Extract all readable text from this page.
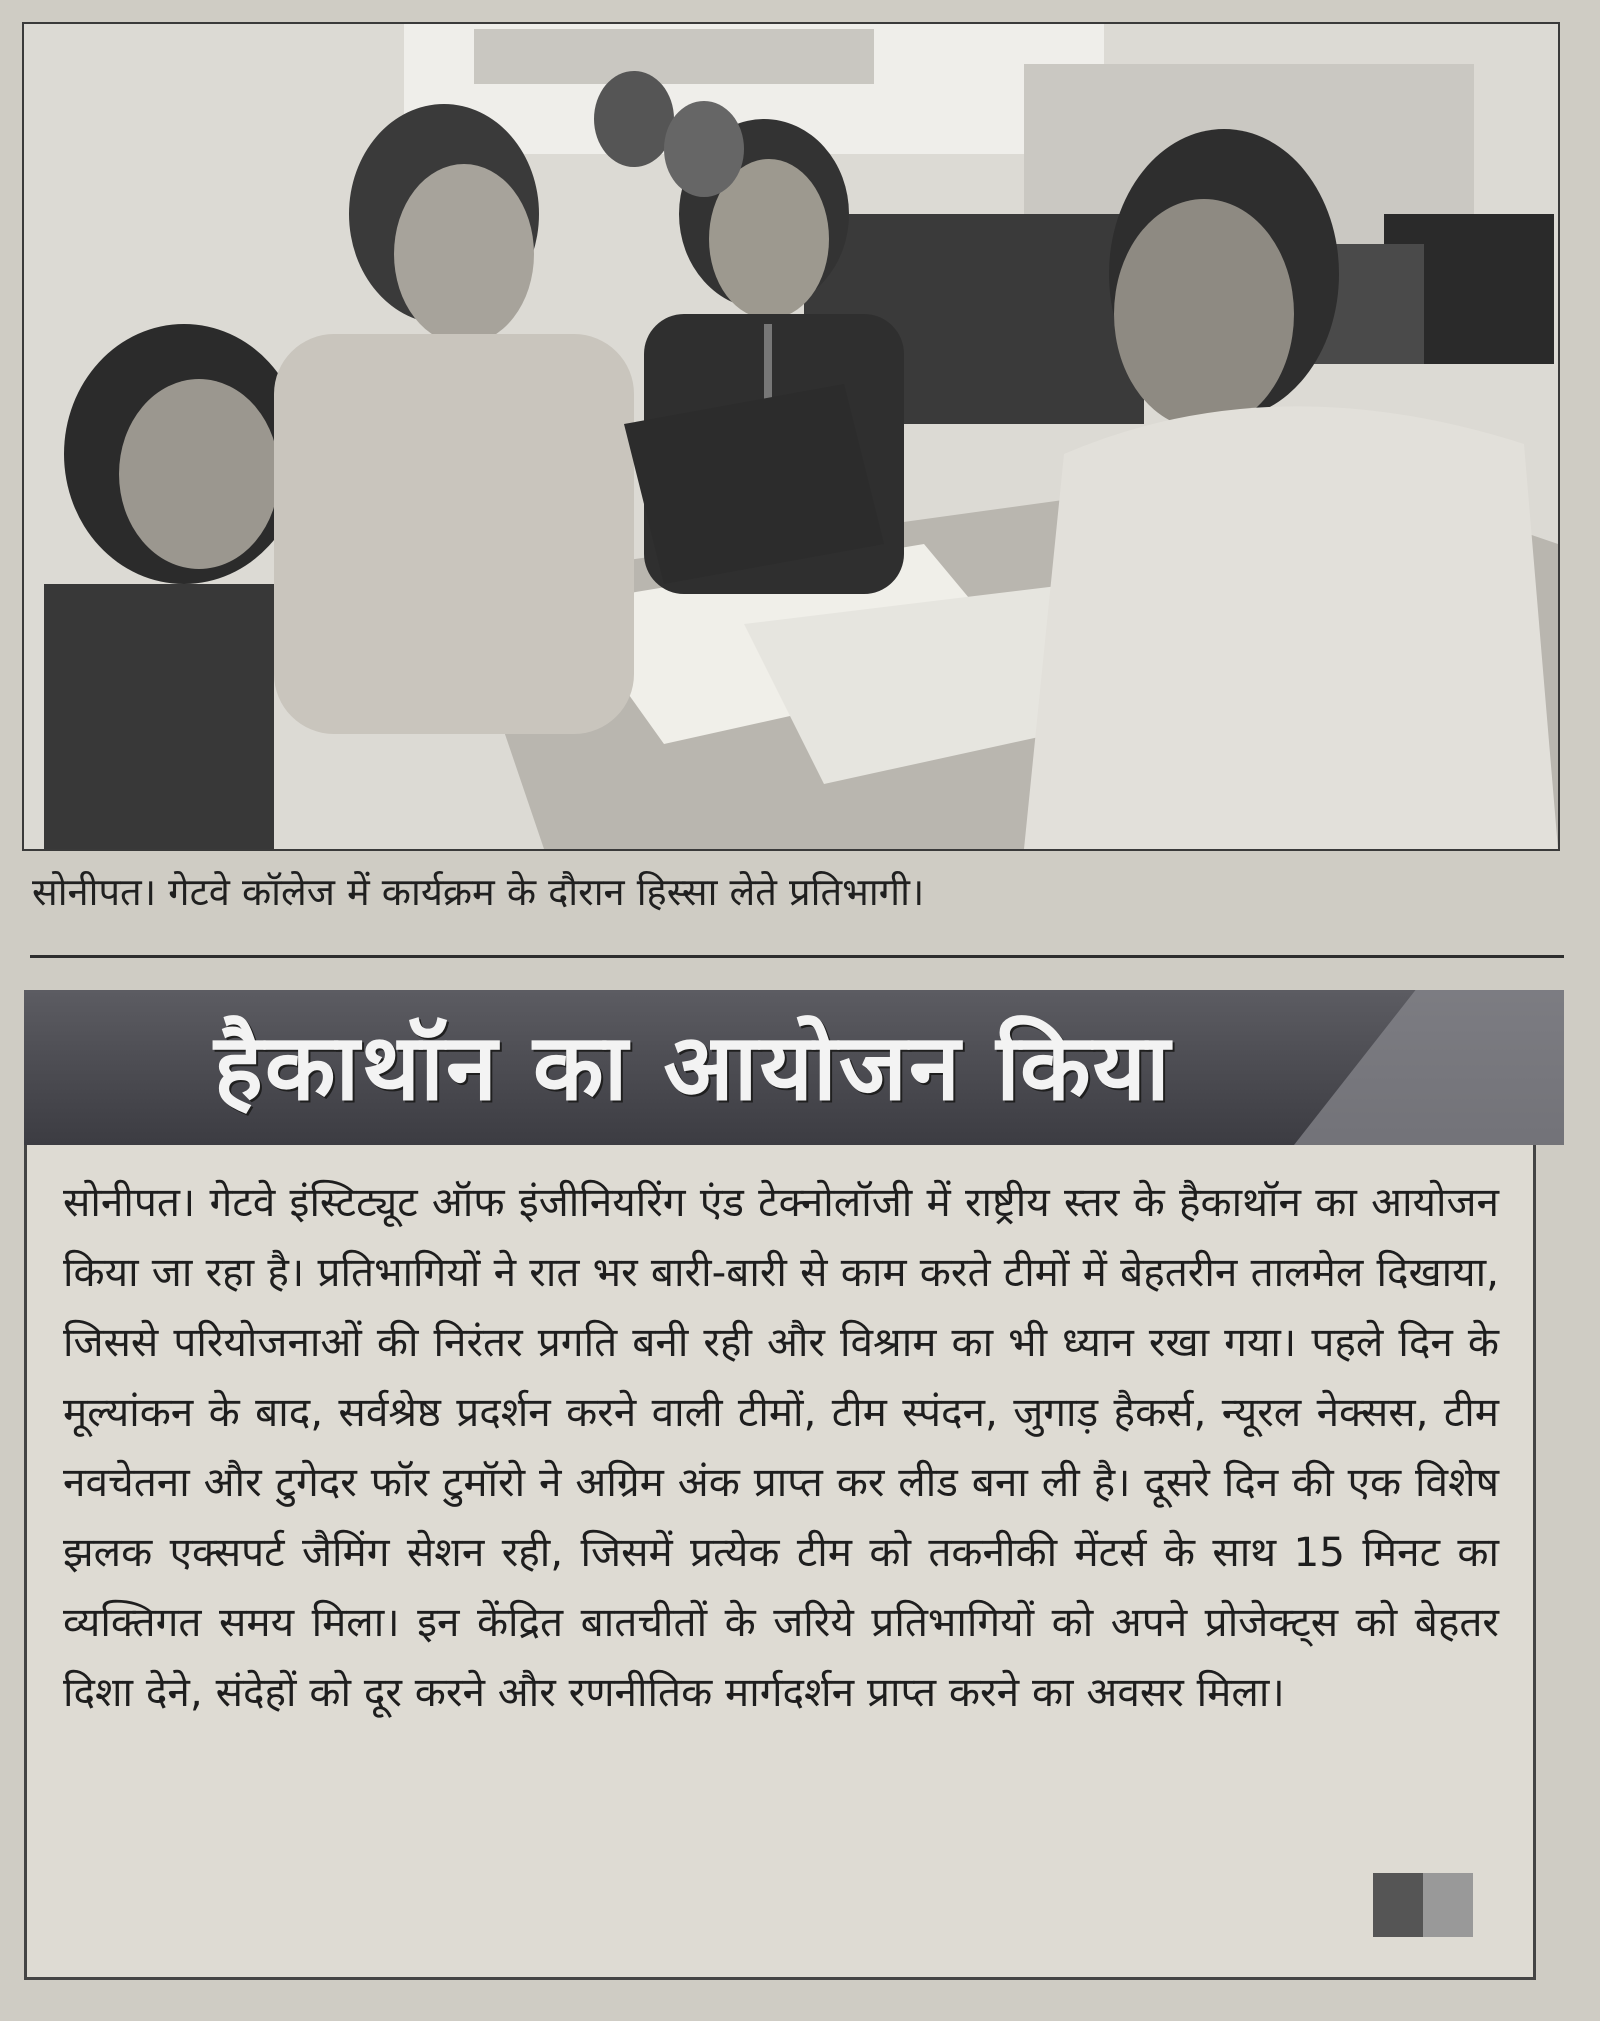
सोनीपत। गेटवे कॉलेज में कार्यक्रम के दौरान हिस्सा लेते प्रतिभागी।
हैकाथॉन का आयोजन किया

सोनीपत। गेटवे इंस्टिट्यूट ऑफ इंजीनियरिंग एंड टेक्नोलॉजी में राष्ट्रीय स्तर के हैकाथॉन का आयोजन किया जा रहा है। प्रतिभागियों ने रात भर बारी-बारी से काम करते टीमों में बेहतरीन तालमेल दिखाया, जिससे परियोजनाओं की निरंतर प्रगति बनी रही और विश्राम का भी ध्यान रखा गया। पहले दिन के मूल्यांकन के बाद, सर्वश्रेष्ठ प्रदर्शन करने वाली टीमों, टीम स्पंदन, जुगाड़ हैकर्स, न्यूरल नेक्सस, टीम नवचेतना और टुगेदर फॉर टुमॉरो ने अग्रिम अंक प्राप्त कर लीड बना ली है। दूसरे दिन की एक विशेष झलक एक्सपर्ट जैमिंग सेशन रही, जिसमें प्रत्येक टीम को तकनीकी मेंटर्स के साथ 15 मिनट का व्यक्तिगत समय मिला। इन केंद्रित बातचीतों के जरिये प्रतिभागियों को अपने प्रोजेक्ट्स को बेहतर दिशा देने, संदेहों को दूर करने और रणनीतिक मार्गदर्शन प्राप्त करने का अवसर मिला।
